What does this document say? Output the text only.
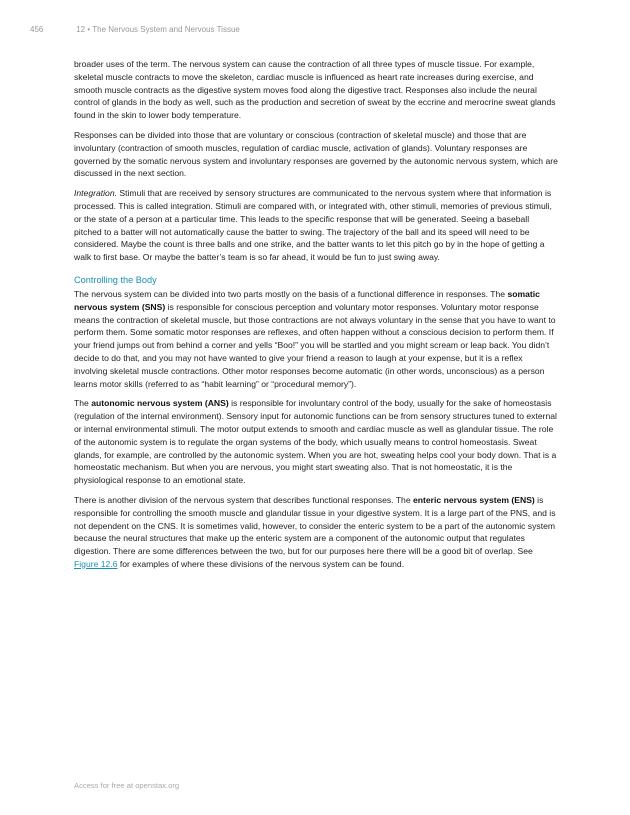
456	12 • The Nervous System and Nervous Tissue

broader uses of the term. The nervous system can cause the contraction of all three types of muscle tissue. For example, skeletal muscle contracts to move the skeleton, cardiac muscle is influenced as heart rate increases during exercise, and smooth muscle contracts as the digestive system moves food along the digestive tract. Responses also include the neural control of glands in the body as well, such as the production and secretion of sweat by the eccrine and merocrine sweat glands found in the skin to lower body temperature.

Responses can be divided into those that are voluntary or conscious (contraction of skeletal muscle) and those that are involuntary (contraction of smooth muscles, regulation of cardiac muscle, activation of glands). Voluntary responses are governed by the somatic nervous system and involuntary responses are governed by the autonomic nervous system, which are discussed in the next section.

Integration. Stimuli that are received by sensory structures are communicated to the nervous system where that information is processed. This is called integration. Stimuli are compared with, or integrated with, other stimuli, memories of previous stimuli, or the state of a person at a particular time. This leads to the specific response that will be generated. Seeing a baseball pitched to a batter will not automatically cause the batter to swing. The trajectory of the ball and its speed will need to be considered. Maybe the count is three balls and one strike, and the batter wants to let this pitch go by in the hope of getting a walk to first base. Or maybe the batter’s team is so far ahead, it would be fun to just swing away.

Controlling the Body

The nervous system can be divided into two parts mostly on the basis of a functional difference in responses. The somatic nervous system (SNS) is responsible for conscious perception and voluntary motor responses. Voluntary motor response means the contraction of skeletal muscle, but those contractions are not always voluntary in the sense that you have to want to perform them. Some somatic motor responses are reflexes, and often happen without a conscious decision to perform them. If your friend jumps out from behind a corner and yells “Boo!” you will be startled and you might scream or leap back. You didn’t decide to do that, and you may not have wanted to give your friend a reason to laugh at your expense, but it is a reflex involving skeletal muscle contractions. Other motor responses become automatic (in other words, unconscious) as a person learns motor skills (referred to as “habit learning” or “procedural memory”).

The autonomic nervous system (ANS) is responsible for involuntary control of the body, usually for the sake of homeostasis (regulation of the internal environment). Sensory input for autonomic functions can be from sensory structures tuned to external or internal environmental stimuli. The motor output extends to smooth and cardiac muscle as well as glandular tissue. The role of the autonomic system is to regulate the organ systems of the body, which usually means to control homeostasis. Sweat glands, for example, are controlled by the autonomic system. When you are hot, sweating helps cool your body down. That is a homeostatic mechanism. But when you are nervous, you might start sweating also. That is not homeostatic, it is the physiological response to an emotional state.

There is another division of the nervous system that describes functional responses. The enteric nervous system (ENS) is responsible for controlling the smooth muscle and glandular tissue in your digestive system. It is a large part of the PNS, and is not dependent on the CNS. It is sometimes valid, however, to consider the enteric system to be a part of the autonomic system because the neural structures that make up the enteric system are a component of the autonomic output that regulates digestion. There are some differences between the two, but for our purposes here there will be a good bit of overlap. See Figure 12.6 for examples of where these divisions of the nervous system can be found.

Access for free at openstax.org
